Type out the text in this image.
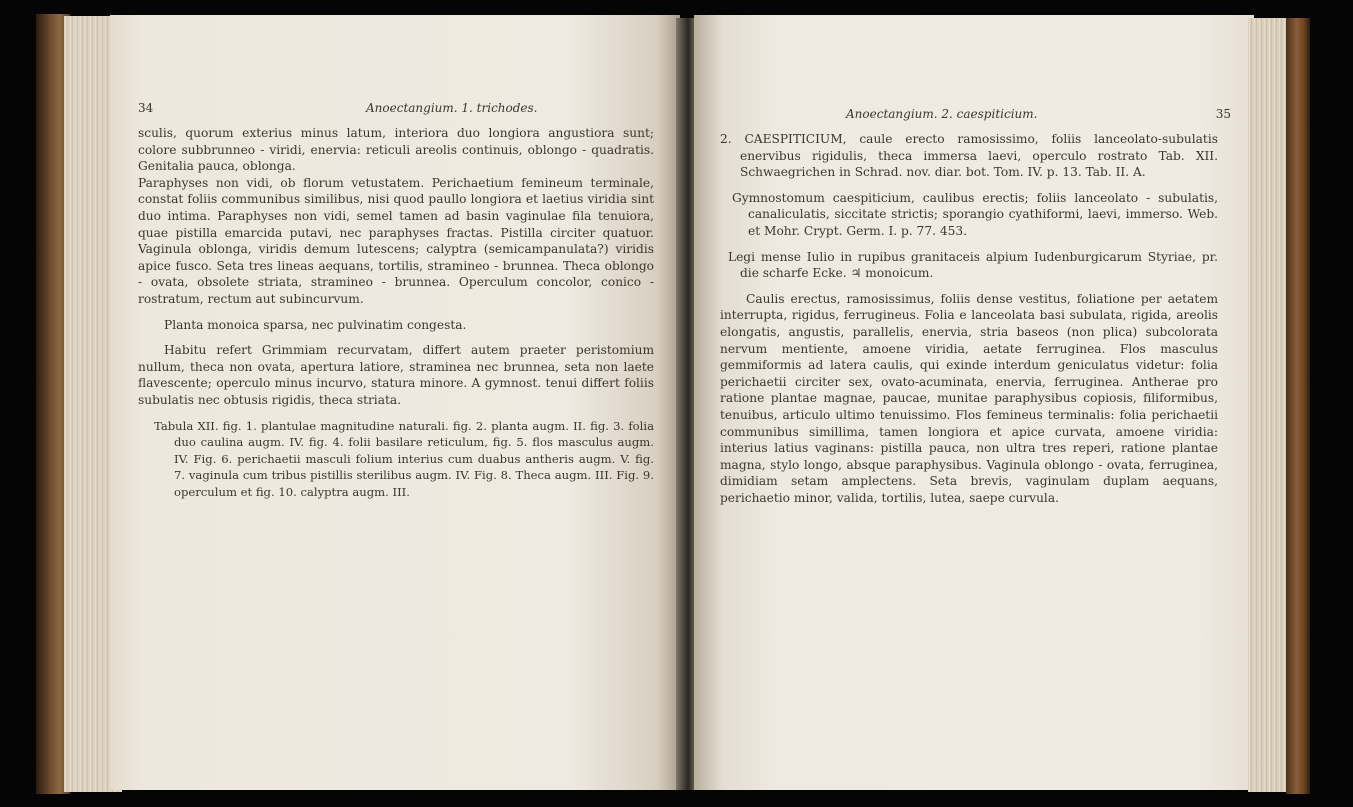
34	Anoectangium. 1. trichodes.

sculis, quorum exterius minus latum, interiora duo longiora angustiora sunt; colore subbrunneo - viridi, enervia: reticuli areolis continuis, oblongo - quadratis. Genitalia pauca, oblonga.

Paraphyses non vidi, ob florum vetustatem. Perichaetium femineum terminale, constat foliis communibus similibus, nisi quod paullo longiora et laetius viridia sint duo intima. Paraphyses non vidi, semel tamen ad basin vaginulae fila tenuiora, quae pistilla emarcida putavi, nec paraphyses fractas. Pistilla circiter quatuor. Vaginula oblonga, viridis demum lutescens; calyptra (semicampanulata?) viridis apice fusco. Seta tres lineas aequans, tortilis, stramineo - brunnea. Theca oblongo - ovata, obsolete striata, stramineo - brunnea. Operculum concolor, conico - rostratum, rectum aut subincurvum.

Planta monoica sparsa, nec pulvinatim congesta.

Habitu refert Grimmiam recurvatam, differt autem praeter peristomium nullum, theca non ovata, apertura latiore, straminea nec brunnea, seta non laete flavescente; operculo minus incurvo, statura minore. A gymnost. tenui differt foliis subulatis nec obtusis rigidis, theca striata.

Tabula XII. fig. 1. plantulae magnitudine naturali. fig. 2. planta augm. II. fig. 3. folia duo caulina augm. IV. fig. 4. folii basilare reticulum, fig. 5. flos masculus augm. IV. Fig. 6. perichaetii masculi folium interius cum duabus antheris augm. V. fig. 7. vaginula cum tribus pistillis sterilibus augm. IV. Fig. 8. Theca augm. III. Fig. 9. operculum et fig. 10. calyptra augm. III.

Anoectangium. 2. caespiticium.	35

2. CAESPITICIUM, caule erecto ramosissimo, foliis lanceolato-subulatis enervibus rigidulis, theca immersa laevi, operculo rostrato Tab. XII. Schwaegrichen in Schrad. nov. diar. bot. Tom. IV. p. 13. Tab. II. A.

Gymnostomum caespiticium, caulibus erectis; foliis lanceolato - subulatis, canaliculatis, siccitate strictis; sporangio cyathiformi, laevi, immerso. Web. et Mohr. Crypt. Germ. I. p. 77. 453.

Legi mense Iulio in rupibus granitaceis alpium Iudenburgicarum Styriae, pr. die scharfe Ecke. ♃ monoicum.

Caulis erectus, ramosissimus, foliis dense vestitus, foliatione per aetatem interrupta, rigidus, ferrugineus. Folia e lanceolata basi subulata, rigida, areolis elongatis, angustis, parallelis, enervia, stria baseos (non plica) subcolorata nervum mentiente, amoene viridia, aetate ferruginea. Flos masculus gemmiformis ad latera caulis, qui exinde interdum geniculatus videtur: folia perichaetii circiter sex, ovato-acuminata, enervia, ferruginea. Antherae pro ratione plantae magnae, paucae, munitae paraphysibus copiosis, filiformibus, tenuibus, articulo ultimo tenuissimo. Flos femineus terminalis: folia perichaetii communibus simillima, tamen longiora et apice curvata, amoene viridia: interius latius vaginans: pistilla pauca, non ultra tres reperi, ratione plantae magna, stylo longo, absque paraphysibus. Vaginula oblongo - ovata, ferruginea, dimidiam setam amplectens. Seta brevis, vaginulam duplam aequans, perichaetio minor, valida, tortilis, lutea, saepe curvula.
